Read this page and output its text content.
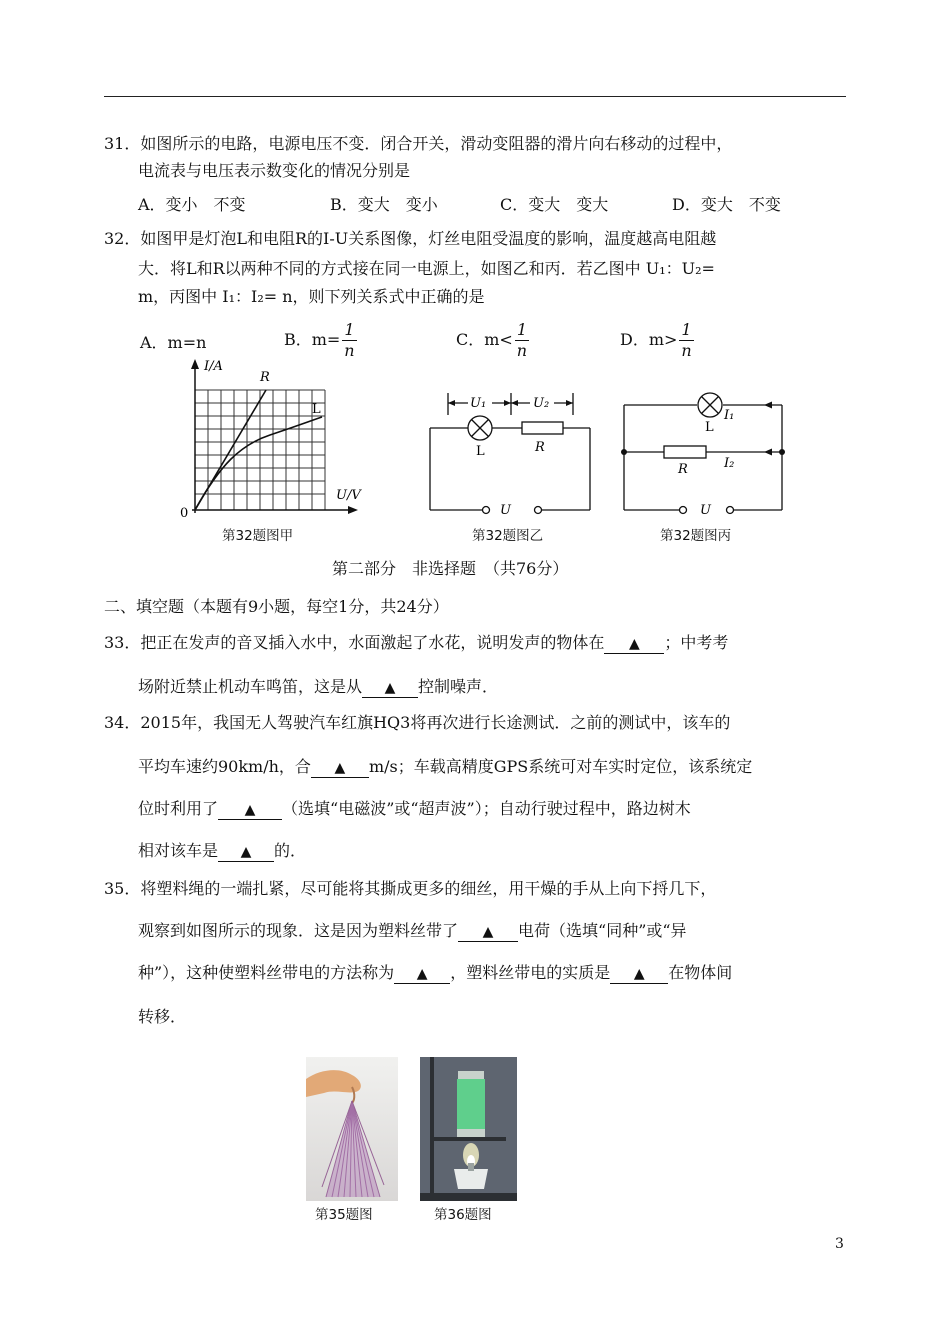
31．如图所示的电路，电源电压不变．闭合开关，滑动变阻器的滑片向右移动的过程中，
电流表与电压表示数变化的情况分别是
A．变小　不变	B．变大　变小	C．变大　变大	D．变大　不变
32．如图甲是灯泡L和电阻R的I-U关系图像，灯丝电阻受温度的影响，温度越高电阻越
大．将L和R以两种不同的方式接在同一电源上，如图乙和丙．若乙图中 U₁：U₂=
m，丙图中 I₁：I₂= n，则下列关系式中正确的是
A．m=n	B．$m= \frac{1}{n}$	C．$m< \frac{1}{n}$	D．$m> \frac{1}{n}$
I/A
R
L
U/V
0
第32题图甲
U₁	U₂
L	R
U
第32题图乙
I₁
L
R	I₂
U
第32题图丙
第二部分　非选择题　（共76分）
二、填空题（本题有9小题，每空1分，共24分）
33．把正在发声的音叉插入水中，水面激起了水花，说明发声的物体在 ▲ ；中考考
场附近禁止机动车鸣笛，这是从 ▲ 控制噪声．
34．2015年，我国无人驾驶汽车红旗HQ3将再次进行长途测试．之前的测试中，该车的
平均车速约90km/h，合 ▲ m/s；车载高精度GPS系统可对车实时定位，该系统定
位时利用了 ▲ （选填“电磁波”或“超声波”）；自动行驶过程中，路边树木
相对该车是 ▲ 的．
35．将塑料绳的一端扎紧，尽可能将其撕成更多的细丝，用干燥的手从上向下捋几下，
观察到如图所示的现象．这是因为塑料丝带了 ▲ 电荷（选填“同种”或“异
种”），这种使塑料丝带电的方法称为 ▲ ，塑料丝带电的实质是 ▲ 在物体间
转移．
第35题图	第36题图
3
